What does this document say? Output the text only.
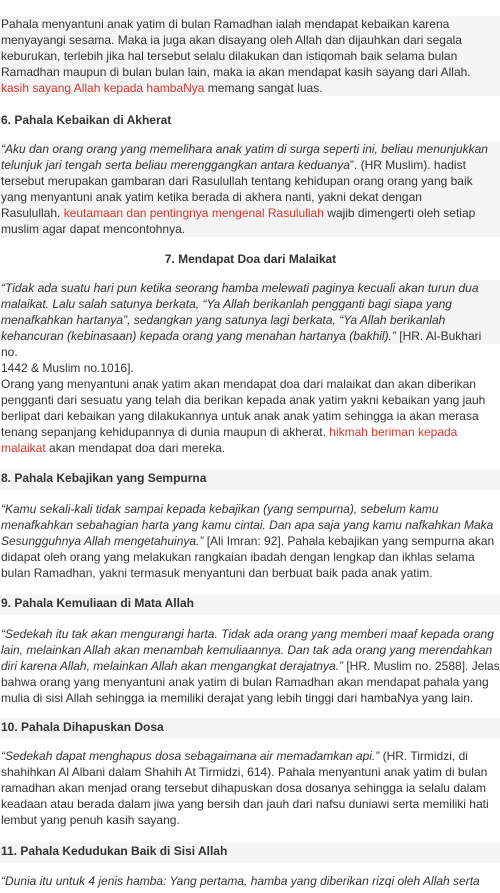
Pahala menyantuni anak yatim di bulan Ramadhan ialah mendapat kebaikan karena menyayangi sesama. Maka ia juga akan disayang oleh Allah dan dijauhkan dari segala keburukan, terlebih jika hal tersebut selalu dilakukan dan istiqomah baik selama bulan Ramadhan maupun di bulan bulan lain, maka ia akan mendapat kasih sayang dari Allah. kasih sayang Allah kepada hambaNya memang sangat luas.
6. Pahala Kebaikan di Akherat
“Aku dan orang orang yang memelihara anak yatim di surga seperti ini, beliau menunjukkan telunjuk jari tengah serta beliau merenggangkan antara keduanya”. (HR Muslim). hadist tersebut merupakan gambaran dari Rasulullah tentang kehidupan orang orang yang baik yang menyantuni anak yatim ketika berada di akhera nanti, yakni dekat dengan
Rasulullah. keutamaan dan pentingnya mengenal Rasulullah wajib dimengerti oleh setiap muslim agar dapat mencontohnya.
7. Mendapat Doa dari Malaikat
“Tidak ada suatu hari pun ketika seorang hamba melewati paginya kecuali akan turun dua malaikat. Lalu salah satunya berkata, “Ya Allah berikanlah pengganti bagi siapa yang menafkahkan hartanya”, sedangkan yang satunya lagi berkata, “Ya Allah berikanlah kehancuran (kebinasaan) kepada orang yang menahan hartanya (bakhil).” [HR. Al-Bukhari no.
1442 & Muslim no.1016].
Orang yang menyantuni anak yatim akan mendapat doa dari malaikat dan akan diberikan pengganti dari sesuatu yang telah dia berikan kepada anak yatim yakni kebaikan yang jauh berlipat dari kebaikan yang dilakukannya untuk anak anak yatim sehingga ia akan merasa tenang sepanjang kehidupannya di dunia maupun di akherat. hikmah beriman kepada malaikat akan mendapat doa dari mereka.
8. Pahala Kebajikan yang Sempurna
“Kamu sekali-kali tidak sampai kepada kebajikan (yang sempurna), sebelum kamu menafkahkan sebahagian harta yang kamu cintai. Dan apa saja yang kamu nafkahkan Maka Sesungguhnya Allah mengetahuinya.” [Ali Imran: 92]. Pahala kebajikan yang sempurna akan didapat oleh orang yang melakukan rangkaian ibadah dengan lengkap dan ikhlas selama bulan Ramadhan, yakni termasuk menyantuni dan berbuat baik pada anak yatim.
9. Pahala Kemuliaan di Mata Allah
“Sedekah itu tak akan mengurangi harta. Tidak ada orang yang memberi maaf kepada orang lain, melainkan Allah akan menambah kemuliaannya. Dan tak ada orang yang merendahkan diri karena Allah, melainkan Allah akan mengangkat derajatnya.” [HR. Muslim no. 2588]. Jelas bahwa orang yang menyantuni anak yatim di bulan Ramadhan akan mendapat pahala yang mulia di sisi Allah sehingga ia memiliki derajat yang lebih tinggi dari hambaNya yang lain.
10. Pahala Dihapuskan Dosa
“Sedekah dapat menghapus dosa sebagaimana air memadamkan api.” (HR. Tirmidzi, di shahihkan Al Albani dalam Shahih At Tirmidzi, 614). Pahala menyantuni anak yatim di bulan ramadhan akan menjad orang tersebut dihapuskan dosa dosanya sehingga ia selalu dalam keadaan atau berada dalam jiwa yang bersih dan jauh dari nafsu duniawi serta memiliki hati lembut yang penuh kasih sayang.
11. Pahala Kedudukan Baik di Sisi Allah
“Dunia itu untuk 4 jenis hamba: Yang pertama, hamba yang diberikan rizqi oleh Allah serta
